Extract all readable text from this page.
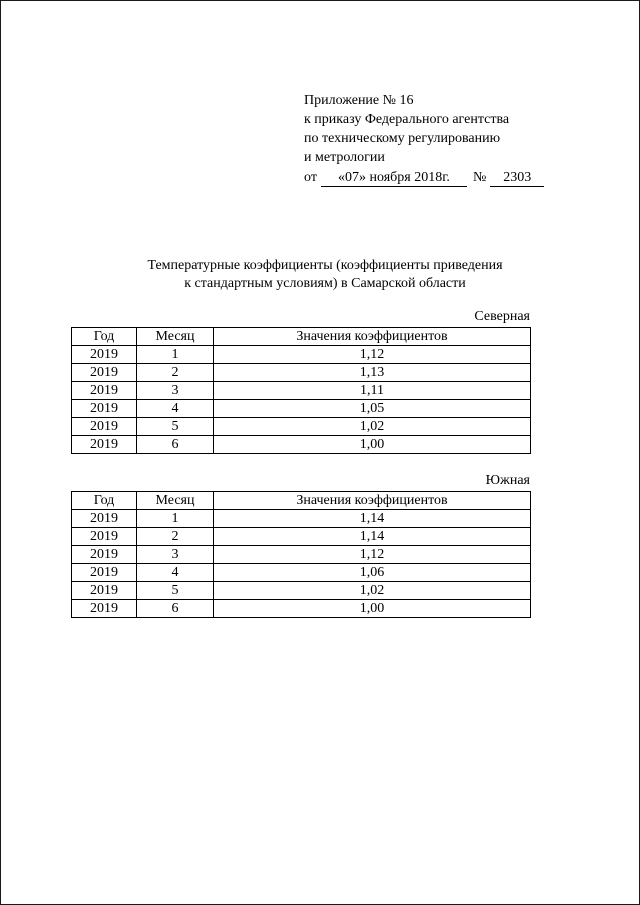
Приложение № 16
к приказу Федерального агентства
по техническому регулированию
и метрологии
от «07» ноября 2018г. № 2303
Температурные коэффициенты (коэффициенты приведения
к стандартным условиям) в Самарской области
Северная
Год	Месяц	Значения коэффициентов
2019	1	1,12
2019	2	1,13
2019	3	1,11
2019	4	1,05
2019	5	1,02
2019	6	1,00
Южная
Год	Месяц	Значения коэффициентов
2019	1	1,14
2019	2	1,14
2019	3	1,12
2019	4	1,06
2019	5	1,02
2019	6	1,00
